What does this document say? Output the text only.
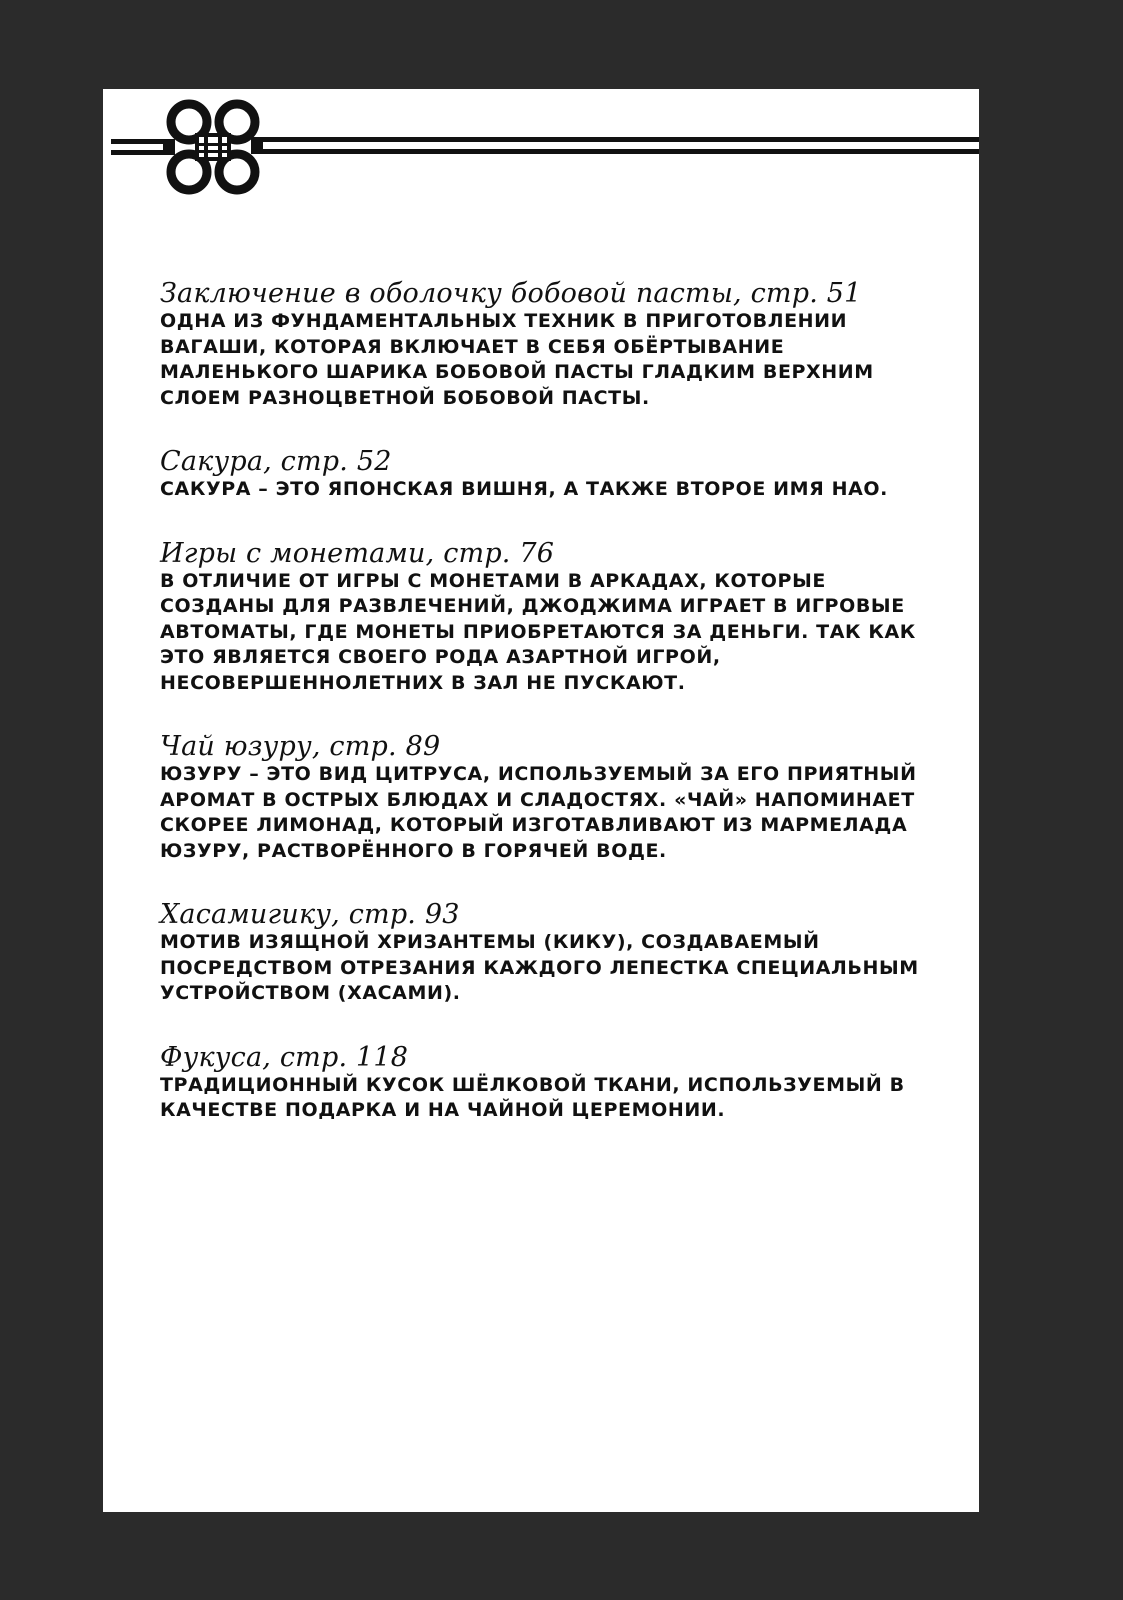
Заключение в оболочку бобовой пасты, стр. 51

ОДНА ИЗ ФУНДАМЕНТАЛЬНЫХ ТЕХНИК В ПРИГОТОВЛЕНИИ ВАГАШИ, КОТОРАЯ ВКЛЮЧАЕТ В СЕБЯ ОБЁРТЫВАНИЕ МАЛЕНЬКОГО ШАРИКА БОБОВОЙ ПАСТЫ ГЛАДКИМ ВЕРХНИМ СЛОЕМ РАЗНОЦВЕТНОЙ БОБОВОЙ ПАСТЫ.

Сакура, стр. 52

САКУРА – ЭТО ЯПОНСКАЯ ВИШНЯ, А ТАКЖЕ ВТОРОЕ ИМЯ НАО.

Игры с монетами, стр. 76

В ОТЛИЧИЕ ОТ ИГРЫ С МОНЕТАМИ В АРКАДАХ, КОТОРЫЕ СОЗДАНЫ ДЛЯ РАЗВЛЕЧЕНИЙ, ДЖОДЖИМА ИГРАЕТ В ИГРОВЫЕ АВТОМАТЫ, ГДЕ МОНЕТЫ ПРИОБРЕТАЮТСЯ ЗА ДЕНЬГИ. ТАК КАК ЭТО ЯВЛЯЕТСЯ СВОЕГО РОДА АЗАРТНОЙ ИГРОЙ, НЕСОВЕРШЕННОЛЕТНИХ В ЗАЛ НЕ ПУСКАЮТ.

Чай юзуру, стр. 89

ЮЗУРУ – ЭТО ВИД ЦИТРУСА, ИСПОЛЬЗУЕМЫЙ ЗА ЕГО ПРИЯТНЫЙ АРОМАТ В ОСТРЫХ БЛЮДАХ И СЛАДОСТЯХ. «ЧАЙ» НАПОМИНАЕТ СКОРЕЕ ЛИМОНАД, КОТОРЫЙ ИЗГОТАВЛИВАЮТ ИЗ МАРМЕЛАДА ЮЗУРУ, РАСТВОРЁННОГО В ГОРЯЧЕЙ ВОДЕ.

Хасамигику, стр. 93

МОТИВ ИЗЯЩНОЙ ХРИЗАНТЕМЫ (КИКУ), СОЗДАВАЕМЫЙ ПОСРЕДСТВОМ ОТРЕЗАНИЯ КАЖДОГО ЛЕПЕСТКА СПЕЦИАЛЬНЫМ УСТРОЙСТВОМ (ХАСАМИ).

Фукуса, стр. 118

ТРАДИЦИОННЫЙ КУСОК ШЁЛКОВОЙ ТКАНИ, ИСПОЛЬЗУЕМЫЙ В КАЧЕСТВЕ ПОДАРКА И НА ЧАЙНОЙ ЦЕРЕМОНИИ.
